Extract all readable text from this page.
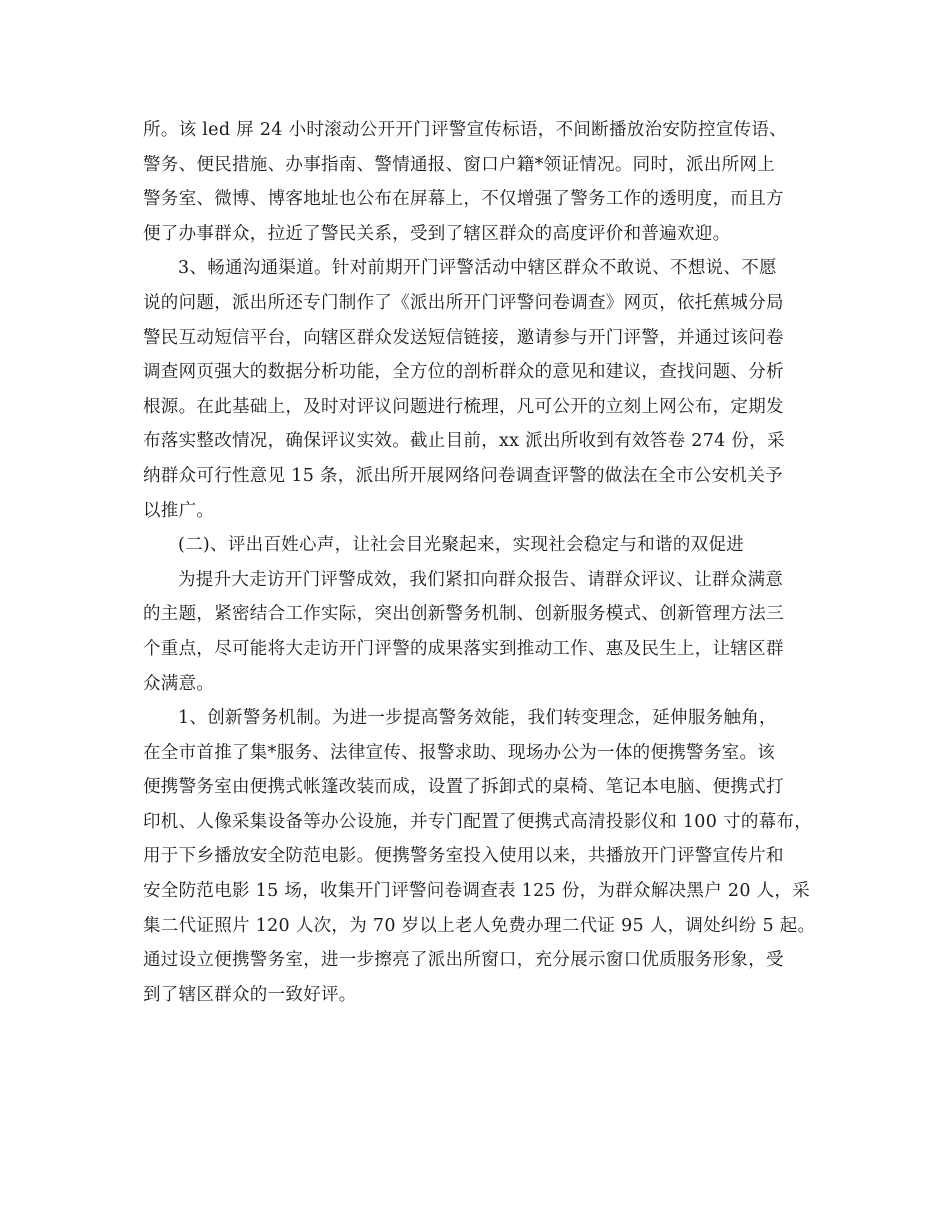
所。该 led 屏 24 小时滚动公开开门评警宣传标语，不间断播放治安防控宣传语、
警务、便民措施、办事指南、警情通报、窗口户籍*领证情况。同时，派出所网上
警务室、微博、博客地址也公布在屏幕上，不仅增强了警务工作的透明度，而且方
便了办事群众，拉近了警民关系，受到了辖区群众的高度评价和普遍欢迎。
3、畅通沟通渠道。针对前期开门评警活动中辖区群众不敢说、不想说、不愿
说的问题，派出所还专门制作了《派出所开门评警问卷调查》网页，依托蕉城分局
警民互动短信平台，向辖区群众发送短信链接，邀请参与开门评警，并通过该问卷
调查网页强大的数据分析功能，全方位的剖析群众的意见和建议，查找问题、分析
根源。在此基础上，及时对评议问题进行梳理，凡可公开的立刻上网公布，定期发
布落实整改情况，确保评议实效。截止目前，xx 派出所收到有效答卷 274 份，采
纳群众可行性意见 15 条，派出所开展网络问卷调查评警的做法在全市公安机关予
以推广。
(二)、评出百姓心声，让社会目光聚起来，实现社会稳定与和谐的双促进
为提升大走访开门评警成效，我们紧扣向群众报告、请群众评议、让群众满意
的主题，紧密结合工作实际，突出创新警务机制、创新服务模式、创新管理方法三
个重点，尽可能将大走访开门评警的成果落实到推动工作、惠及民生上，让辖区群
众满意。
1、创新警务机制。为进一步提高警务效能，我们转变理念，延伸服务触角，
在全市首推了集*服务、法律宣传、报警求助、现场办公为一体的便携警务室。该
便携警务室由便携式帐篷改装而成，设置了拆卸式的桌椅、笔记本电脑、便携式打
印机、人像采集设备等办公设施，并专门配置了便携式高清投影仪和 100 寸的幕布，
用于下乡播放安全防范电影。便携警务室投入使用以来，共播放开门评警宣传片和
安全防范电影 15 场，收集开门评警问卷调查表 125 份，为群众解决黑户 20 人，采
集二代证照片 120 人次，为 70 岁以上老人免费办理二代证 95 人，调处纠纷 5 起。
通过设立便携警务室，进一步擦亮了派出所窗口，充分展示窗口优质服务形象，受
到了辖区群众的一致好评。
